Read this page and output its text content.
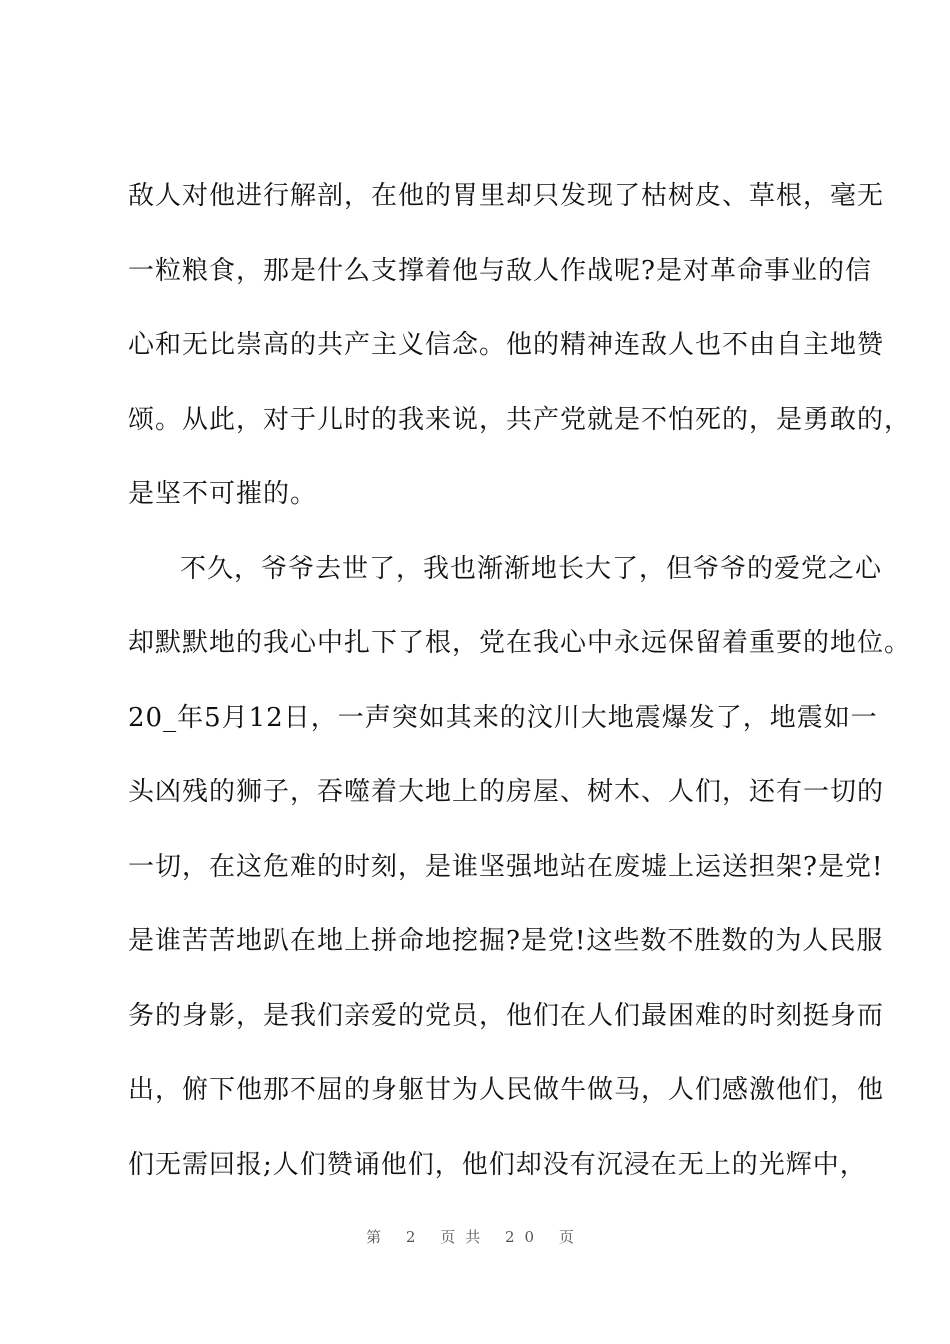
敌人对他进行解剖，在他的胃里却只发现了枯树皮、草根，毫无
一粒粮食，那是什么支撑着他与敌人作战呢?是对革命事业的信
心和无比崇高的共产主义信念。他的精神连敌人也不由自主地赞
颂。从此，对于儿时的我来说，共产党就是不怕死的，是勇敢的，
是坚不可摧的。
不久，爷爷去世了，我也渐渐地长大了，但爷爷的爱党之心
却默默地的我心中扎下了根，党在我心中永远保留着重要的地位。
20_年5月12日，一声突如其来的汶川大地震爆发了，地震如一
头凶残的狮子，吞噬着大地上的房屋、树木、人们，还有一切的
一切，在这危难的时刻，是谁坚强地站在废墟上运送担架?是党!
是谁苦苦地趴在地上拼命地挖掘?是党!这些数不胜数的为人民服
务的身影，是我们亲爱的党员，他们在人们最困难的时刻挺身而
出，俯下他那不屈的身躯甘为人民做牛做马，人们感激他们，他
们无需回报;人们赞诵他们，他们却没有沉浸在无上的光辉中，
第 2 页共 20 页
